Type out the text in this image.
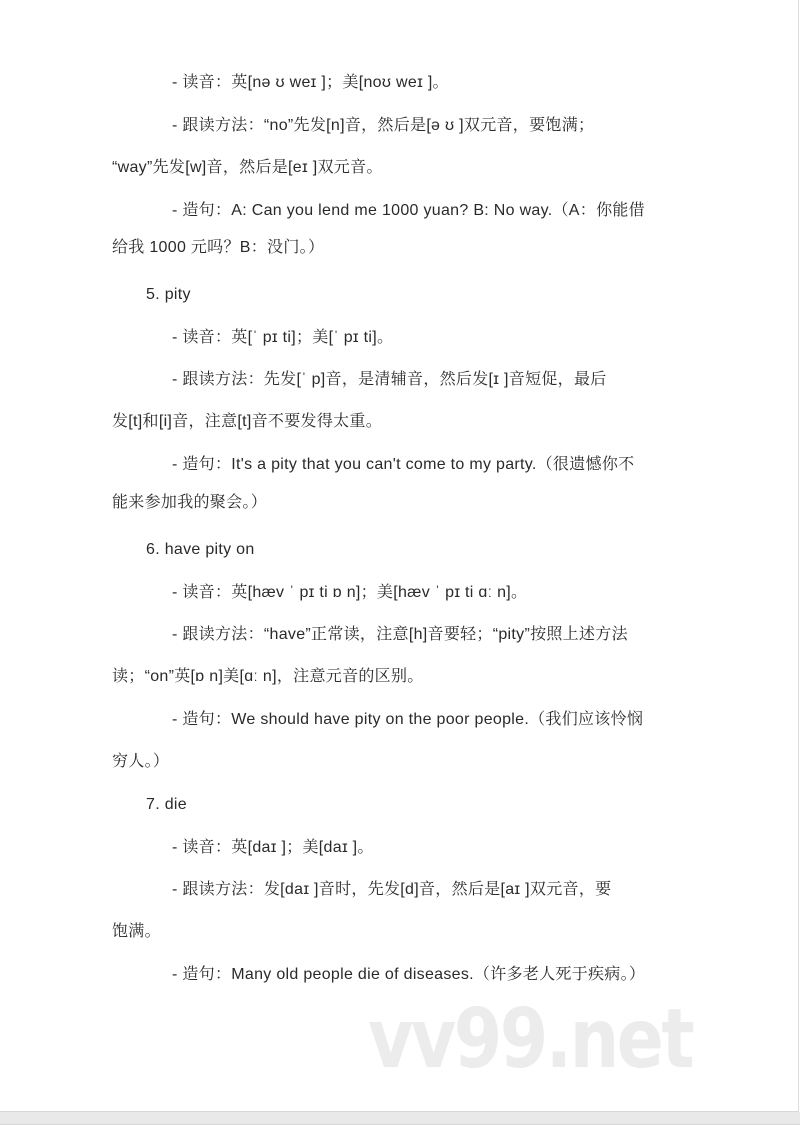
- 读音：英[nə ʊ weɪ ]；美[noʊ weɪ ]。
- 跟读方法：“no”先发[n]音，然后是[ə ʊ ]双元音，要饱满；
“way”先发[w]音，然后是[eɪ ]双元音。
- 造句：A: Can you lend me 1000 yuan? B: No way.（A：你能借
给我 1000 元吗？B：没门。）
5. pity
- 读音：英[ˈ pɪ ti]；美[ˈ pɪ ti]。
- 跟读方法：先发[ˈ p]音，是清辅音，然后发[ɪ ]音短促，最后
发[t]和[i]音，注意[t]音不要发得太重。
- 造句：It's a pity that you can't come to my party.（很遗憾你不
能来参加我的聚会。）
6. have pity on
- 读音：英[hæv ˈ pɪ ti ɒ n]；美[hæv ˈ pɪ ti ɑː n]。
- 跟读方法：“have”正常读，注意[h]音要轻；“pity”按照上述方法
读；“on”英[ɒ n]美[ɑː n]，注意元音的区别。
- 造句：We should have pity on the poor people.（我们应该怜悯
穷人。）
7. die
- 读音：英[daɪ ]；美[daɪ ]。
- 跟读方法：发[daɪ ]音时，先发[d]音，然后是[aɪ ]双元音，要
饱满。
- 造句：Many old people die of diseases.（许多老人死于疾病。）
vv99.net
